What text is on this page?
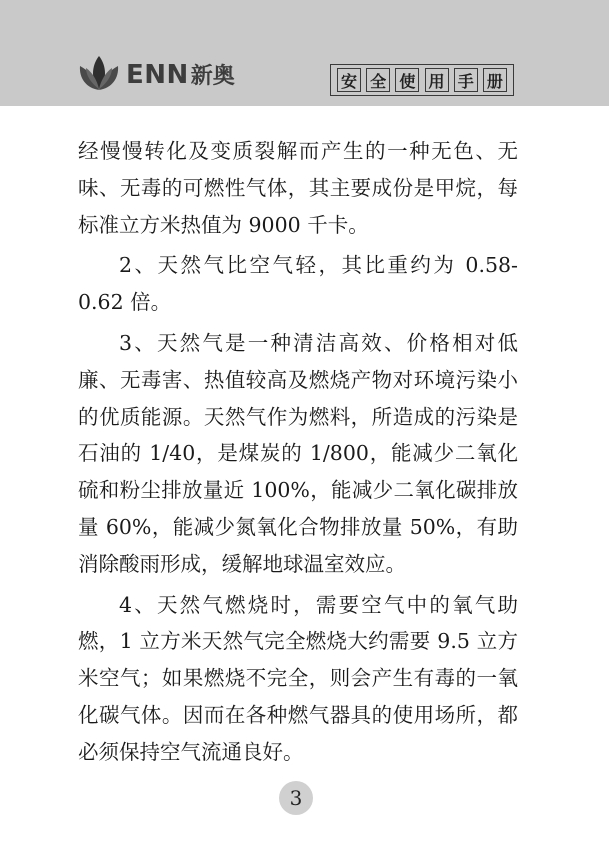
ENN 新奥	安 全 使 用 手 册

经慢慢转化及变质裂解而产生的一种无色、无味、无毒的可燃性气体，其主要成份是甲烷，每标准立方米热值为 9000 千卡。

2、天然气比空气轻，其比重约为 0.58-0.62 倍。

3、天然气是一种清洁高效、价格相对低廉、无毒害、热值较高及燃烧产物对环境污染小的优质能源。天然气作为燃料，所造成的污染是石油的 1/40，是煤炭的 1/800，能减少二氧化硫和粉尘排放量近 100%，能减少二氧化碳排放量 60%，能减少氮氧化合物排放量 50%，有助消除酸雨形成，缓解地球温室效应。

4、天然气燃烧时，需要空气中的氧气助燃，1 立方米天然气完全燃烧大约需要 9.5 立方米空气；如果燃烧不完全，则会产生有毒的一氧化碳气体。因而在各种燃气器具的使用场所，都必须保持空气流通良好。

3
